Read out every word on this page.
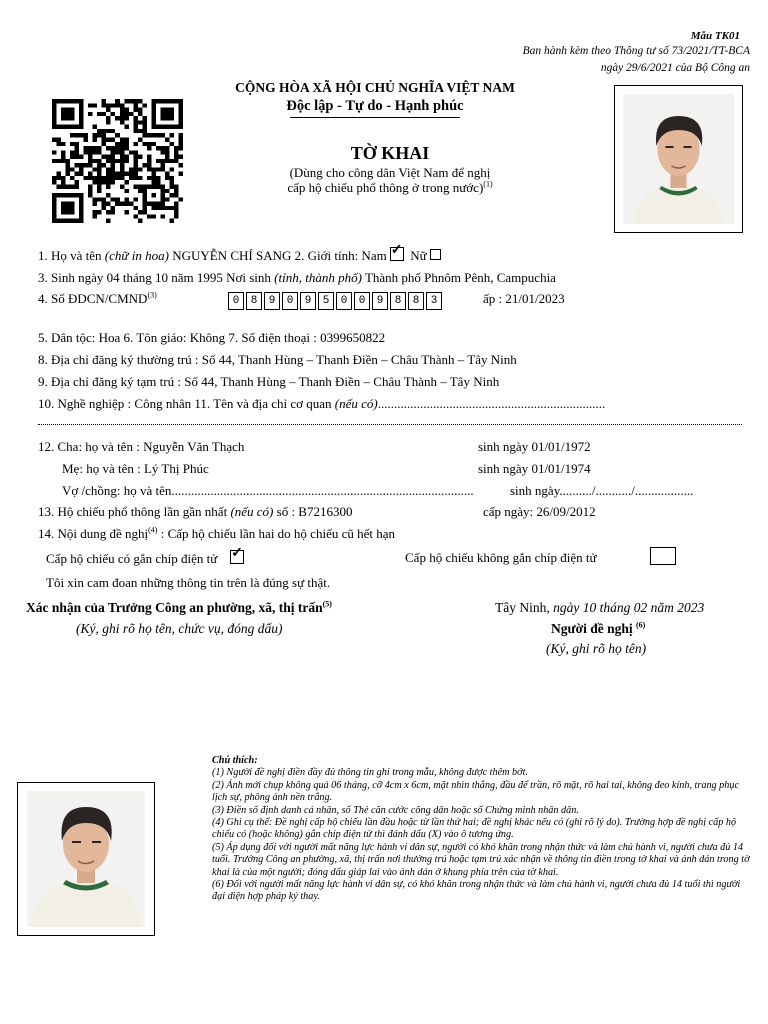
Mẫu TK01
Ban hành kèm theo Thông tư số 73/2021/TT-BCA
ngày 29/6/2021 của Bộ Công an
CỘNG HÒA XÃ HỘI CHỦ NGHĨA VIỆT NAM
Độc lập - Tự do - Hạnh phúc
TỜ KHAI
(Dùng cho công dân Việt Nam để nghị
cấp hộ chiếu phổ thông ở trong nước)$^{(1)}$
1. Họ và tên (chữ in hoa) NGUYỄN CHÍ SANG 2. Giới tính: Nam ✓ Nữ
3. Sinh ngày 04 tháng 10 năm 1995 Nơi sinh (tỉnh, thành phố) Thành phố Phnôm Pênh, Campuchia
4. Số ĐDCN/CMND$^{(3)}$	0	8	9	0	9	5	0	0	9	8	8	3	ấp : 21/01/2023
5. Dân tộc: Hoa 6. Tôn giáo: Không 7. Số điện thoại : 0399650822
8. Địa chỉ đăng ký thường trú : Số 44, Thanh Hùng – Thanh Điền – Châu Thành – Tây Ninh
9. Địa chỉ đăng ký tạm trú : Số 44, Thanh Hùng – Thanh Điền – Châu Thành – Tây Ninh
10. Nghề nghiệp : Công nhân 11. Tên và địa chỉ cơ quan (nếu có)......................................................................
12. Cha: họ và tên : Nguyễn Văn Thạch	sinh ngày 01/01/1972
Mẹ: họ và tên : Lý Thị Phúc	sinh ngày 01/01/1974
Vợ /chồng: họ và tên.............................................................................................	sinh ngày........../.........../..................
13. Hộ chiếu phổ thông lần gần nhất (nếu có) số : B7216300	cấp ngày: 26/09/2012
14. Nội dung đề nghị$^{(4)}$ : Cấp hộ chiếu lần hai do hộ chiếu cũ hết hạn
Cấp hộ chiếu có gắn chíp điện tử ✓	Cấp hộ chiếu không gắn chíp điện tử
Tôi xin cam đoan những thông tin trên là đúng sự thật.
Xác nhận của Trưởng Công an phường, xã, thị trấn$^{(5)}$
(Ký, ghi rõ họ tên, chức vụ, đóng dấu)
Tây Ninh, ngày 10 tháng 02 năm 2023
Người đề nghị $^{(6)}$
(Ký, ghi rõ họ tên)
Chú thích:
(1) Người đề nghị điền đầy đủ thông tin ghi trong mẫu, không được thêm bớt.
(2) Ảnh mới chụp không quá 06 tháng, cỡ 4cm x 6cm, mặt nhìn thẳng, đầu để trần, rõ mặt, rõ hai tai, không đeo kính, trang phục lịch sự, phông ảnh nền trắng.
(3) Điền số định danh cá nhân, số Thẻ căn cước công dân hoặc số Chứng minh nhân dân.
(4) Ghi cụ thể: Đề nghị cấp hộ chiếu lần đầu hoặc từ lần thứ hai; đề nghị khác nếu có (ghi rõ lý do). Trường hợp đề nghị cấp hộ chiếu có (hoặc không) gắn chíp điện tử thì đánh dấu (X) vào ô tương ứng.
(5) Áp dụng đối với người mất năng lực hành vi dân sự, người có khó khăn trong nhận thức và làm chủ hành vi, người chưa đủ 14 tuổi. Trưởng Công an phường, xã, thị trấn nơi thường trú hoặc tạm trú xác nhận về thông tin điền trong tờ khai và ảnh dán trong tờ khai là của một người; đóng dấu giáp lai vào ảnh dán ở khung phía trên của tờ khai.
(6) Đối với người mất năng lực hành vi dân sự, có khó khăn trong nhận thức và làm chủ hành vi, người chưa đủ 14 tuổi thì người đại diện hợp pháp ký thay.
